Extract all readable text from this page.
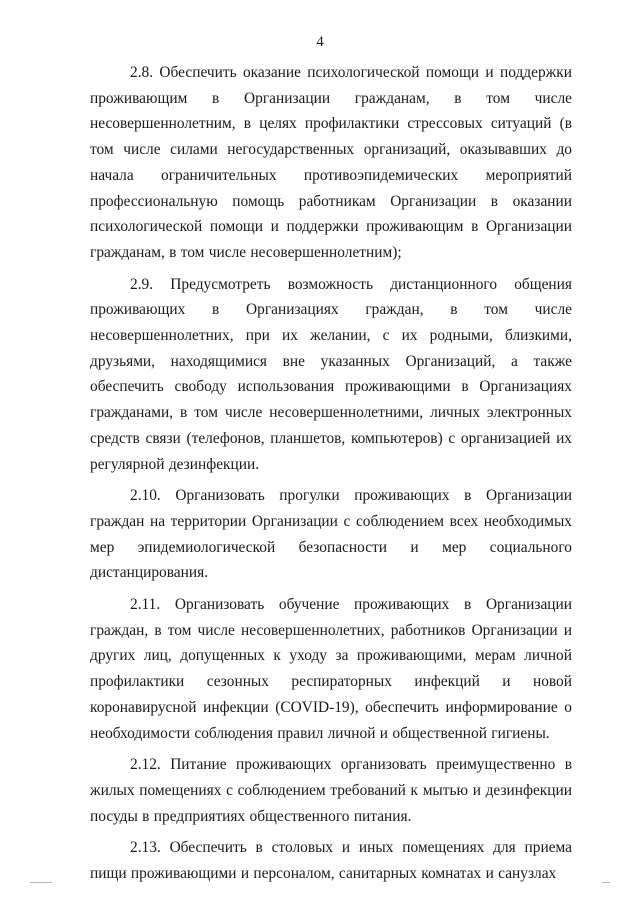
4

2.8. Обеспечить оказание психологической помощи и поддержки проживающим в Организации гражданам, в том числе несовершеннолетним, в целях профилактики стрессовых ситуаций (в том числе силами негосударственных организаций, оказывавших до начала ограничительных противоэпидемических мероприятий профессиональную помощь работникам Организации в оказании психологической помощи и поддержки проживающим в Организации гражданам, в том числе несовершеннолетним);

2.9. Предусмотреть возможность дистанционного общения проживающих в Организациях граждан, в том числе несовершеннолетних, при их желании, с их родными, близкими, друзьями, находящимися вне указанных Организаций, а также обеспечить свободу использования проживающими в Организациях гражданами, в том числе несовершеннолетними, личных электронных средств связи (телефонов, планшетов, компьютеров) с организацией их регулярной дезинфекции.

2.10. Организовать прогулки проживающих в Организации граждан на территории Организации с соблюдением всех необходимых мер эпидемиологической безопасности и мер социального дистанцирования.

2.11. Организовать обучение проживающих в Организации граждан, в том числе несовершеннолетних, работников Организации и других лиц, допущенных к уходу за проживающими, мерам личной профилактики сезонных респираторных инфекций и новой коронавирусной инфекции (COVID-19), обеспечить информирование о необходимости соблюдения правил личной и общественной гигиены.

2.12. Питание проживающих организовать преимущественно в жилых помещениях с соблюдением требований к мытью и дезинфекции посуды в предприятиях общественного питания.

2.13. Обеспечить в столовых и иных помещениях для приема пищи проживающими и персоналом, санитарных комнатах и санузлах
